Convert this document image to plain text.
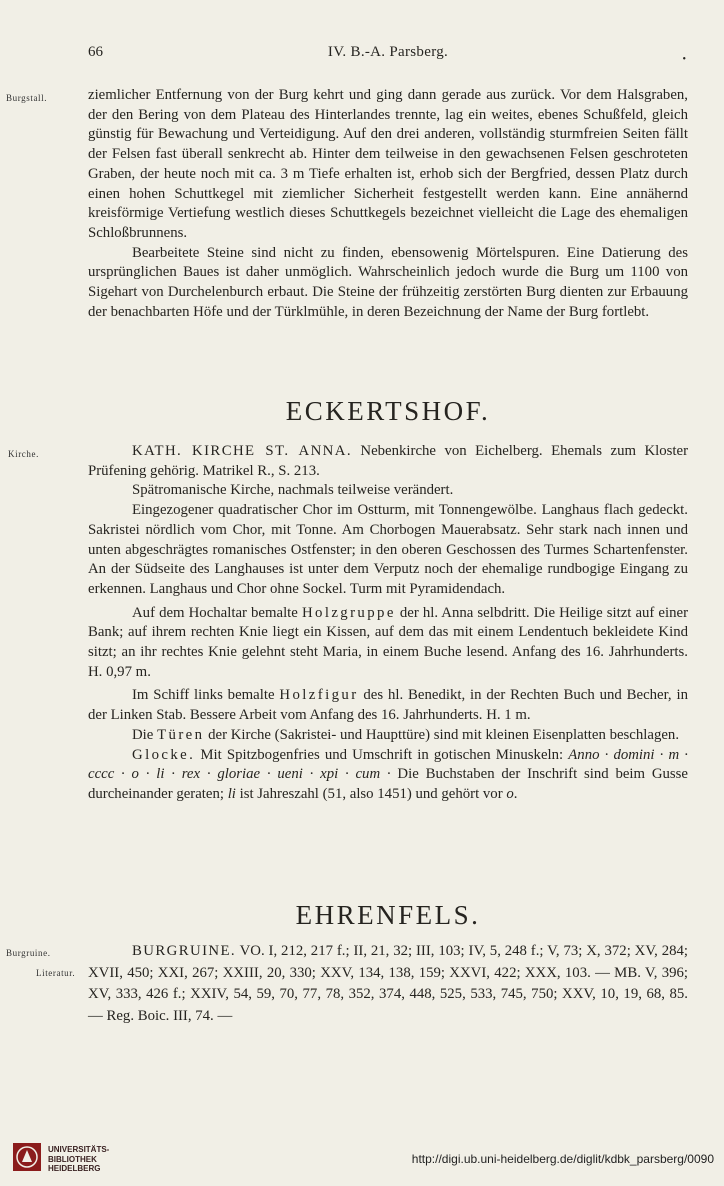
66	IV. B.-A. Parsberg.	•
Burgstall.	ziemlicher Entfernung von der Burg kehrt und ging dann gerade aus zurück. Vor dem Halsgraben, der den Bering von dem Plateau des Hinterlandes trennte, lag ein weites, ebenes Schußfeld, gleich günstig für Bewachung und Verteidigung. Auf den drei anderen, vollständig sturmfreien Seiten fällt der Felsen fast überall senkrecht ab. Hinter dem teilweise in den gewachsenen Felsen geschroteten Graben, der heute noch mit ca. 3 m Tiefe erhalten ist, erhob sich der Bergfried, dessen Platz durch einen hohen Schuttkegel mit ziemlicher Sicherheit festgestellt werden kann. Eine annähernd kreisförmige Vertiefung westlich dieses Schuttkegels bezeichnet vielleicht die Lage des ehemaligen Schloßbrunnens.

Bearbeitete Steine sind nicht zu finden, ebensowenig Mörtelspuren. Eine Datierung des ursprünglichen Baues ist daher unmöglich. Wahrscheinlich jedoch wurde die Burg um 1100 von Sigehart von Durchelenburch erbaut. Die Steine der frühzeitig zerstörten Burg dienten zur Erbauung der benachbarten Höfe und der Türklmühle, in deren Bezeichnung der Name der Burg fortlebt.

ECKERTSHOF.
Kirche.	KATH. KIRCHE ST. ANNA. Nebenkirche von Eichelberg. Ehemals zum Kloster Prüfening gehörig. Matrikel R., S. 213.

Spätromanische Kirche, nachmals teilweise verändert.

Eingezogener quadratischer Chor im Ostturm, mit Tonnengewölbe. Langhaus flach gedeckt. Sakristei nördlich vom Chor, mit Tonne. Am Chorbogen Mauerabsatz. Sehr stark nach innen und unten abgeschrägtes romanisches Ostfenster; in den oberen Geschossen des Turmes Schartenfenster. An der Südseite des Langhauses ist unter dem Verputz noch der ehemalige rundbogige Eingang zu erkennen. Langhaus und Chor ohne Sockel. Turm mit Pyramidendach.

Auf dem Hochaltar bemalte Holzgruppe der hl. Anna selbdritt. Die Heilige sitzt auf einer Bank; auf ihrem rechten Knie liegt ein Kissen, auf dem das mit einem Lendentuch bekleidete Kind sitzt; an ihr rechtes Knie gelehnt steht Maria, in einem Buche lesend. Anfang des 16. Jahrhunderts. H. 0,97 m.

Im Schiff links bemalte Holzfigur des hl. Benedikt, in der Rechten Buch und Becher, in der Linken Stab. Bessere Arbeit vom Anfang des 16. Jahrhunderts. H. 1 m.

Die Türen der Kirche (Sakristei- und Haupttüre) sind mit kleinen Eisenplatten beschlagen.

Glocke. Mit Spitzbogenfries und Umschrift in gotischen Minuskeln: Anno · domini · m · cccc · o · li · rex · gloriae · ueni · xpi · cum · Die Buchstaben der Inschrift sind beim Gusse durcheinander geraten; li ist Jahreszahl (51, also 1451) und gehört vor o.

EHRENFELS.
Burgruine.
Literatur.

BURGRUINE. VO. I, 212, 217 f.; II, 21, 32; III, 103; IV, 5, 248 f.; V, 73; X, 372; XV, 284; XVII, 450; XXI, 267; XXIII, 20, 330; XXV, 134, 138, 159; XXVI, 422; XXX, 103. — MB. V, 396; XV, 333, 426 f.; XXIV, 54, 59, 70, 77, 78, 352, 374, 448, 525, 533, 745, 750; XXV, 10, 19, 68, 85. — Reg. Boic. III, 74. —

UNIVERSITÄTS-
BIBLIOTHEK
HEIDELBERG
http://digi.ub.uni-heidelberg.de/diglit/kdbk_parsberg/0090
